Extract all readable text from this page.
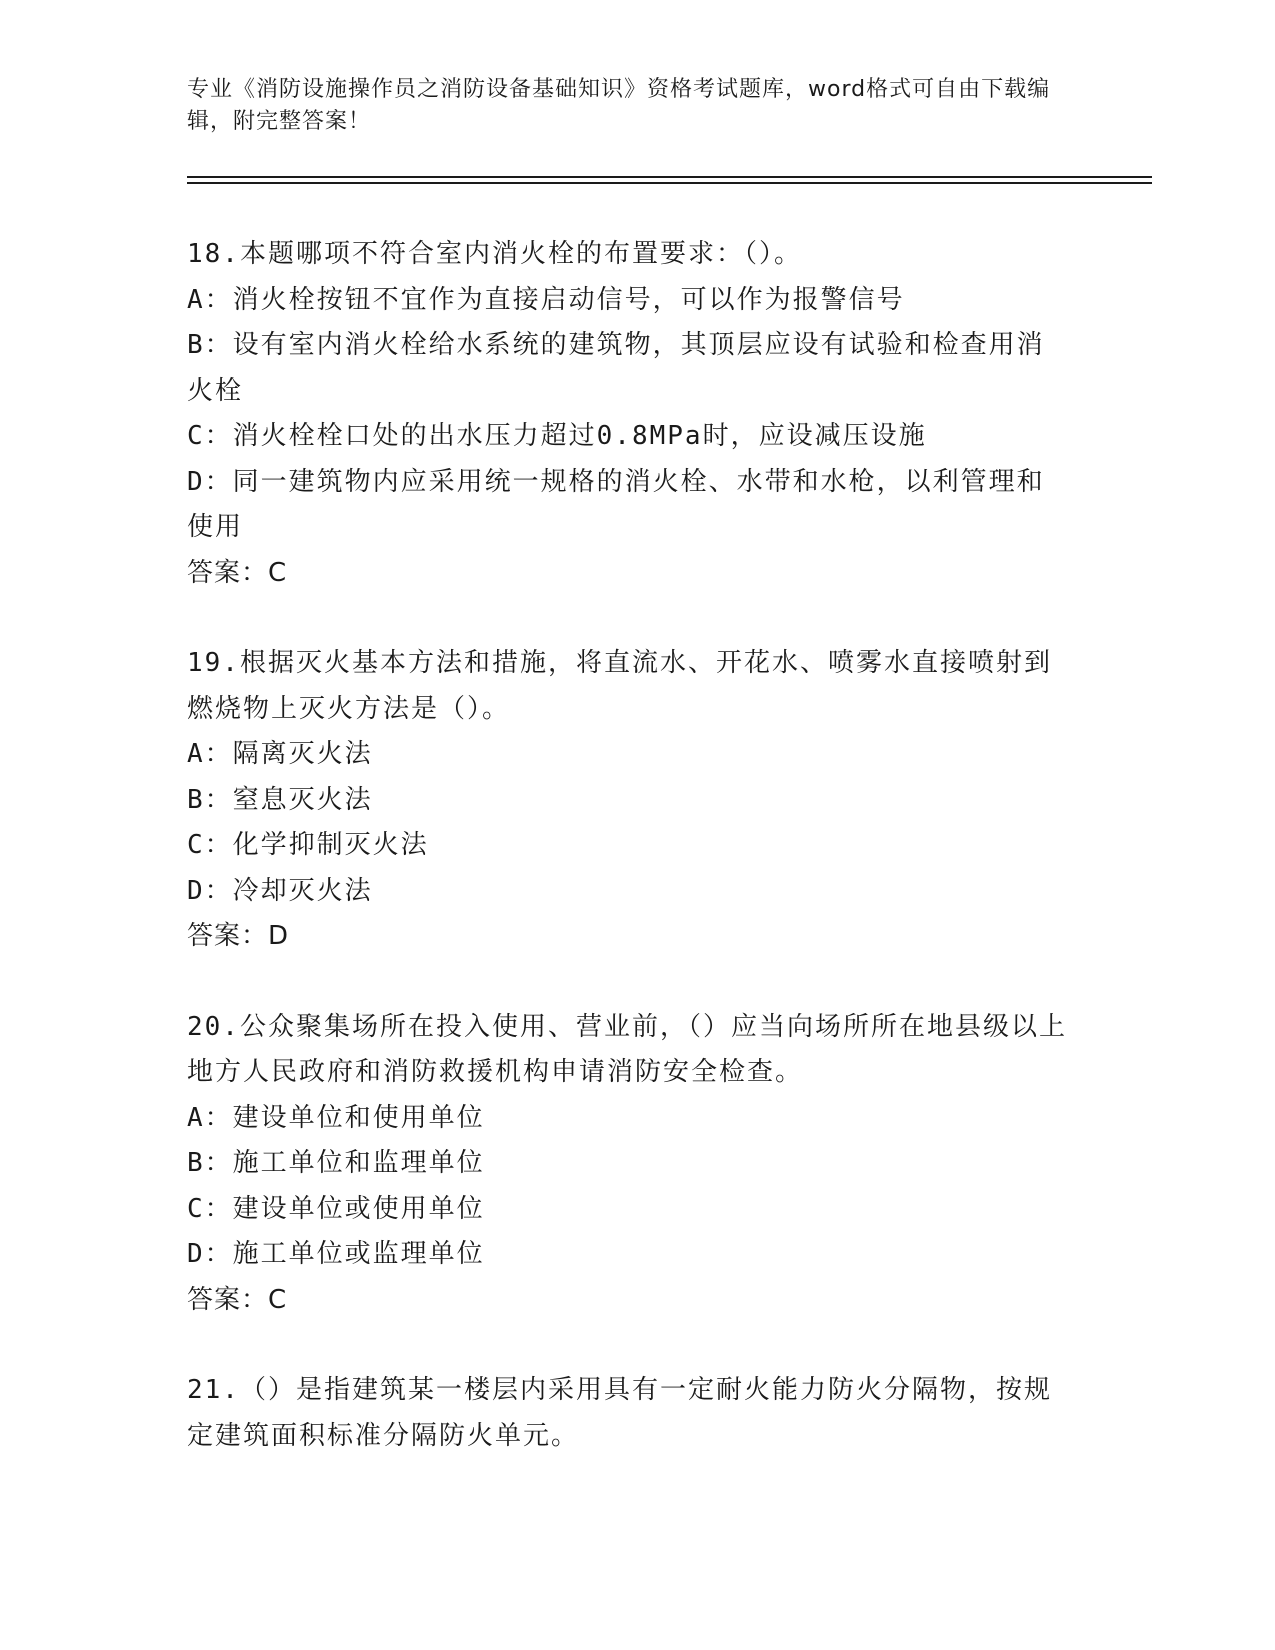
专业《消防设施操作员之消防设备基础知识》资格考试题库，word格式可自由下载编辑，附完整答案！

18.本题哪项不符合室内消火栓的布置要求：（）。

A：消火栓按钮不宜作为直接启动信号，可以作为报警信号

B：设有室内消火栓给水系统的建筑物，其顶层应设有试验和检查用消火栓

C：消火栓栓口处的出水压力超过0.8MPa时，应设减压设施

D：同一建筑物内应采用统一规格的消火栓、水带和水枪，以利管理和使用

答案：C

19.根据灭火基本方法和措施，将直流水、开花水、喷雾水直接喷射到燃烧物上灭火方法是（）。

A：隔离灭火法

B：窒息灭火法

C：化学抑制灭火法

D：冷却灭火法

答案：D

20.公众聚集场所在投入使用、营业前，（）应当向场所所在地县级以上地方人民政府和消防救援机构申请消防安全检查。

A：建设单位和使用单位

B：施工单位和监理单位

C：建设单位或使用单位

D：施工单位或监理单位

答案：C

21.（）是指建筑某一楼层内采用具有一定耐火能力防火分隔物，按规定建筑面积标准分隔防火单元。
